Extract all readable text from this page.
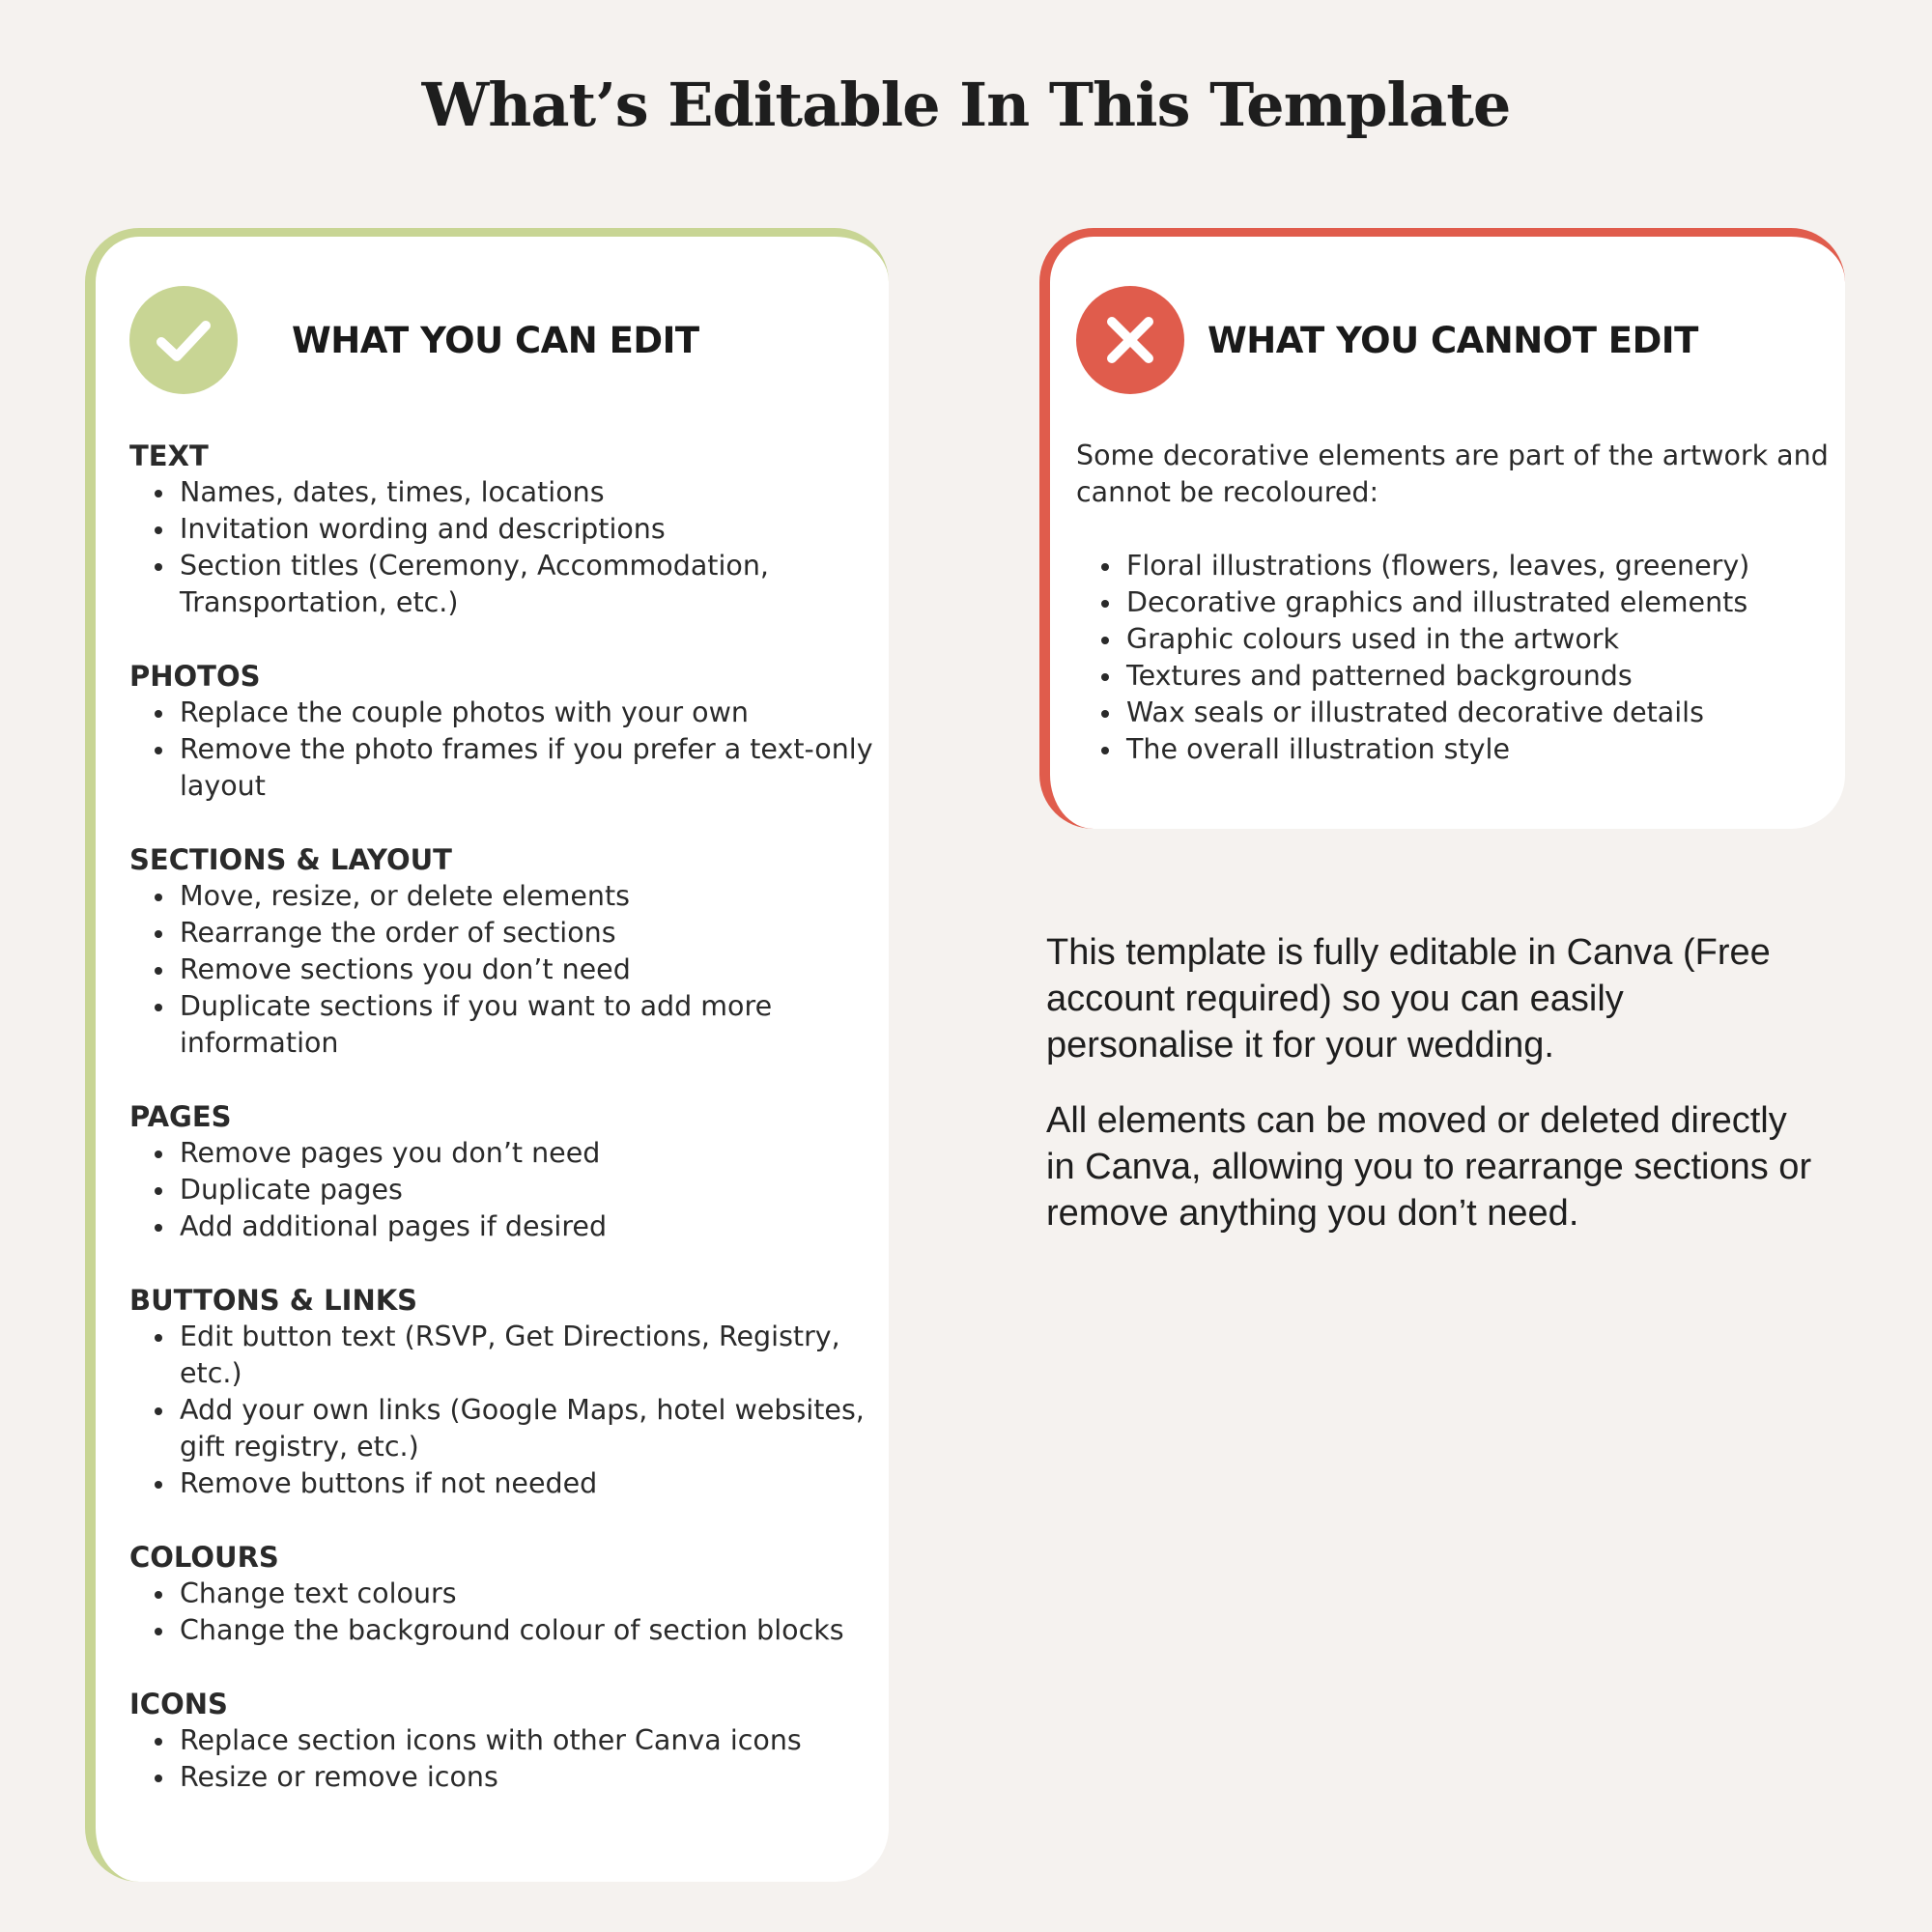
What’s Editable In This Template
WHAT YOU CAN EDIT
TEXT
Names, dates, times, locations
Invitation wording and descriptions
Section titles (Ceremony, Accommodation, Transportation, etc.)
PHOTOS
Replace the couple photos with your own
Remove the photo frames if you prefer a text-only layout
SECTIONS & LAYOUT
Move, resize, or delete elements
Rearrange the order of sections
Remove sections you don’t need
Duplicate sections if you want to add more information
PAGES
Remove pages you don’t need
Duplicate pages
Add additional pages if desired
BUTTONS & LINKS
Edit button text (RSVP, Get Directions, Registry, etc.)
Add your own links (Google Maps, hotel websites, gift registry, etc.)
Remove buttons if not needed
COLOURS
Change text colours
Change the background colour of section blocks
ICONS
Replace section icons with other Canva icons
Resize or remove icons
WHAT YOU CANNOT EDIT

Some decorative elements are part of the artwork and cannot be recoloured:

Floral illustrations (flowers, leaves, greenery)
Decorative graphics and illustrated elements
Graphic colours used in the artwork
Textures and patterned backgrounds
Wax seals or illustrated decorative details
The overall illustration style

This template is fully editable in Canva (Free account required) so you can easily personalise it for your wedding.

All elements can be moved or deleted directly in Canva, allowing you to rearrange sections or remove anything you don’t need.
